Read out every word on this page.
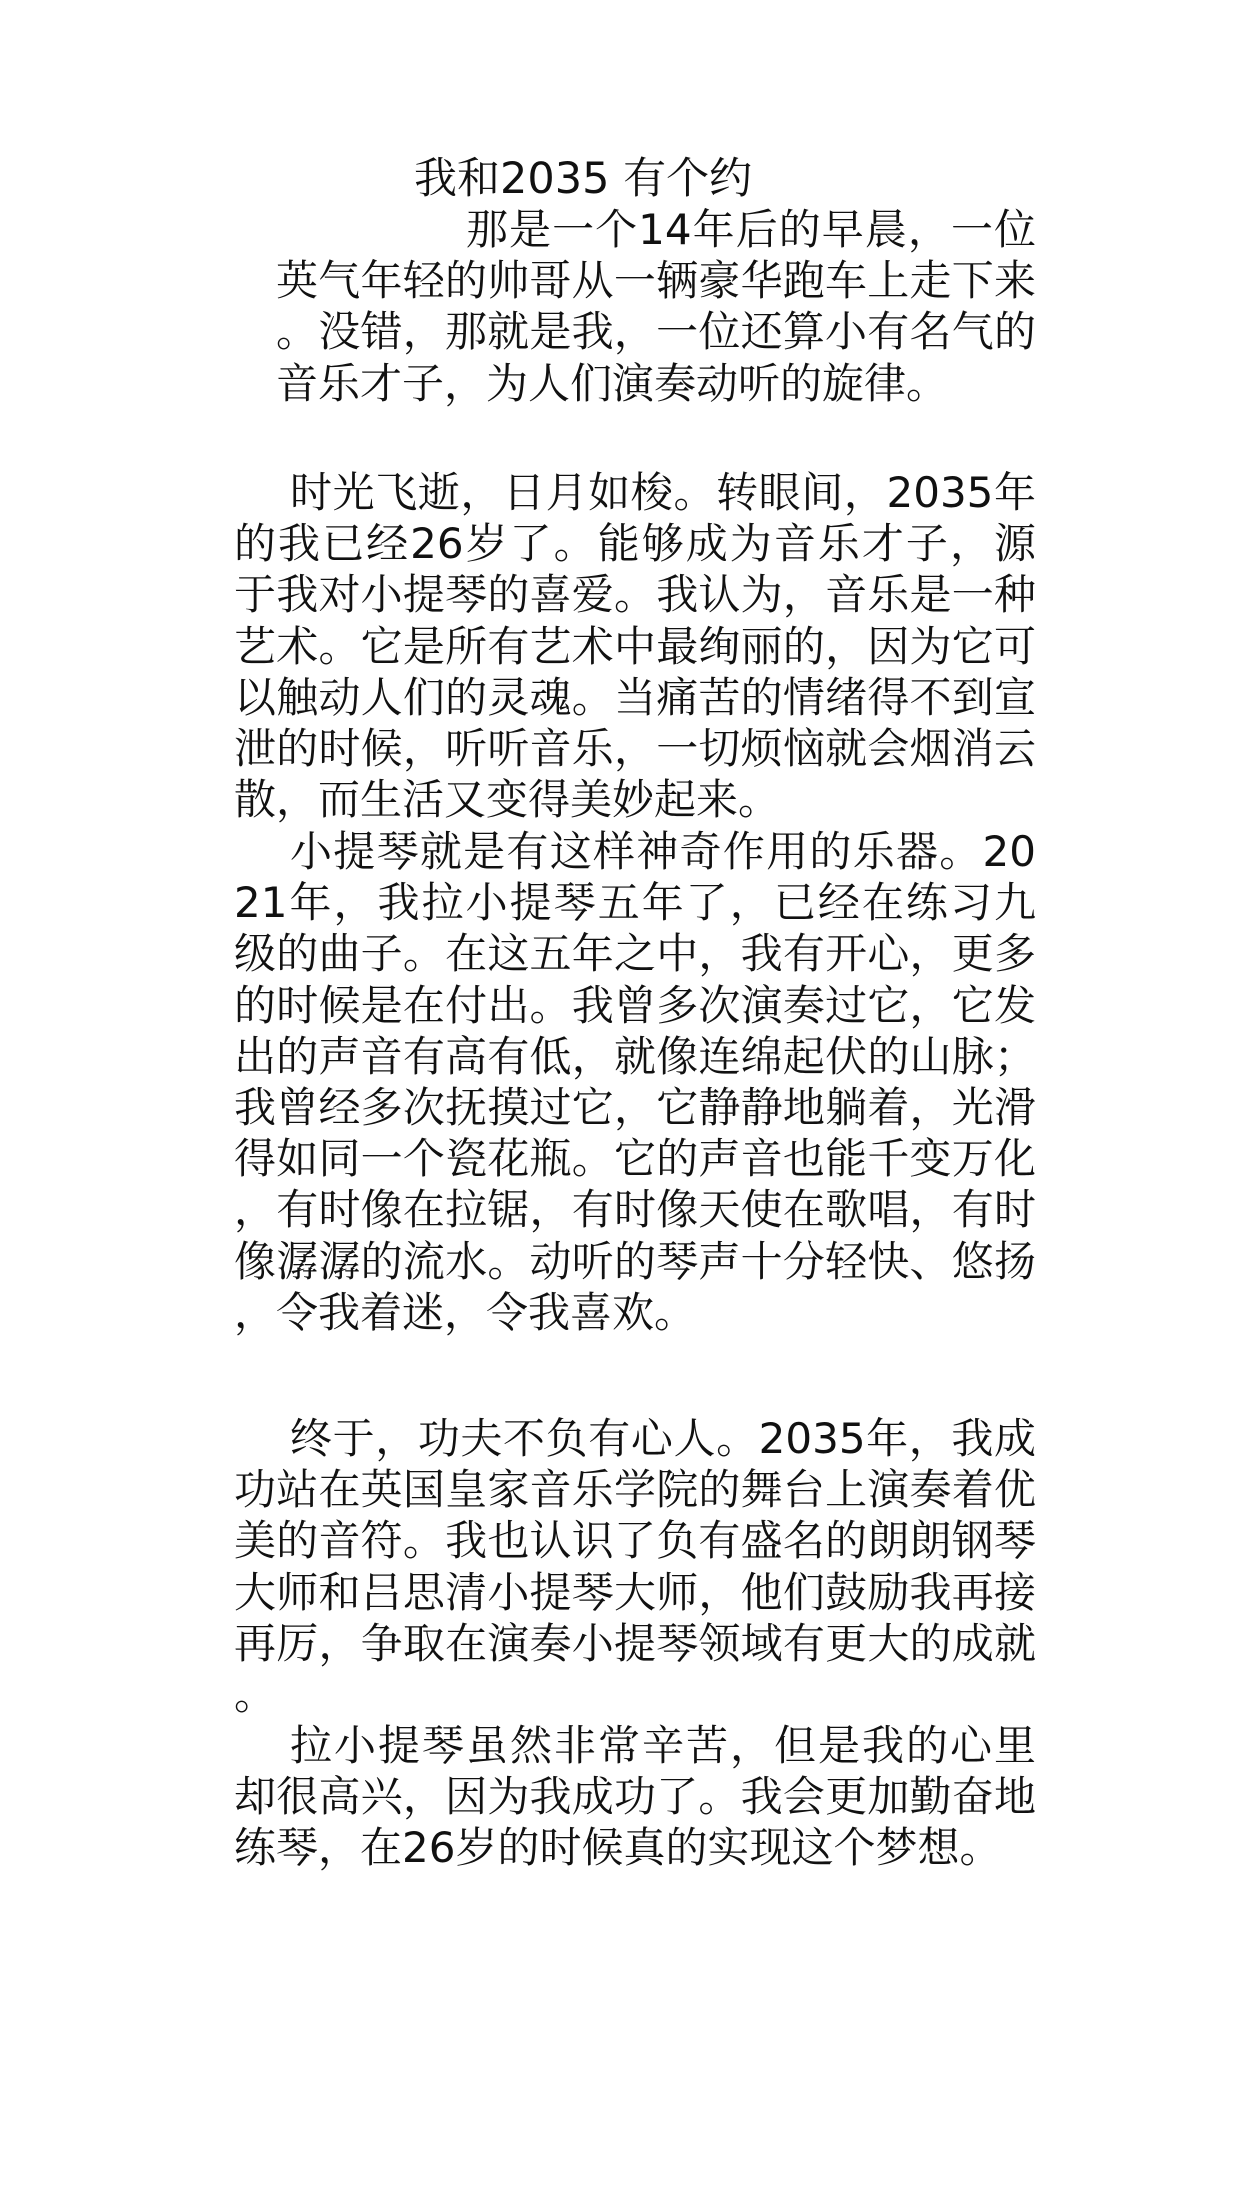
我和2035 有个约

那是一个14年后的早晨，一位英气年轻的帅哥从一辆豪华跑车上走下来。没错，那就是我，一位还算小有名气的音乐才子，为人们演奏动听的旋律。

时光飞逝，日月如梭。转眼间，2035年的我已经26岁了。能够成为音乐才子，源于我对小提琴的喜爱。我认为，音乐是一种艺术。它是所有艺术中最绚丽的，因为它可以触动人们的灵魂。当痛苦的情绪得不到宣泄的时候，听听音乐，一切烦恼就会烟消云散，而生活又变得美妙起来。

小提琴就是有这样神奇作用的乐器。2021年，我拉小提琴五年了，已经在练习九级的曲子。在这五年之中，我有开心，更多的时候是在付出。我曾多次演奏过它，它发出的声音有高有低，就像连绵起伏的山脉；我曾经多次抚摸过它，它静静地躺着，光滑得如同一个瓷花瓶。它的声音也能千变万化，有时像在拉锯，有时像天使在歌唱，有时像潺潺的流水。动听的琴声十分轻快、悠扬，令我着迷，令我喜欢。

终于，功夫不负有心人。2035年，我成功站在英国皇家音乐学院的舞台上演奏着优美的音符。我也认识了负有盛名的朗朗钢琴大师和吕思清小提琴大师，他们鼓励我再接再厉，争取在演奏小提琴领域有更大的成就。

拉小提琴虽然非常辛苦，但是我的心里却很高兴，因为我成功了。我会更加勤奋地练琴，在26岁的时候真的实现这个梦想。
